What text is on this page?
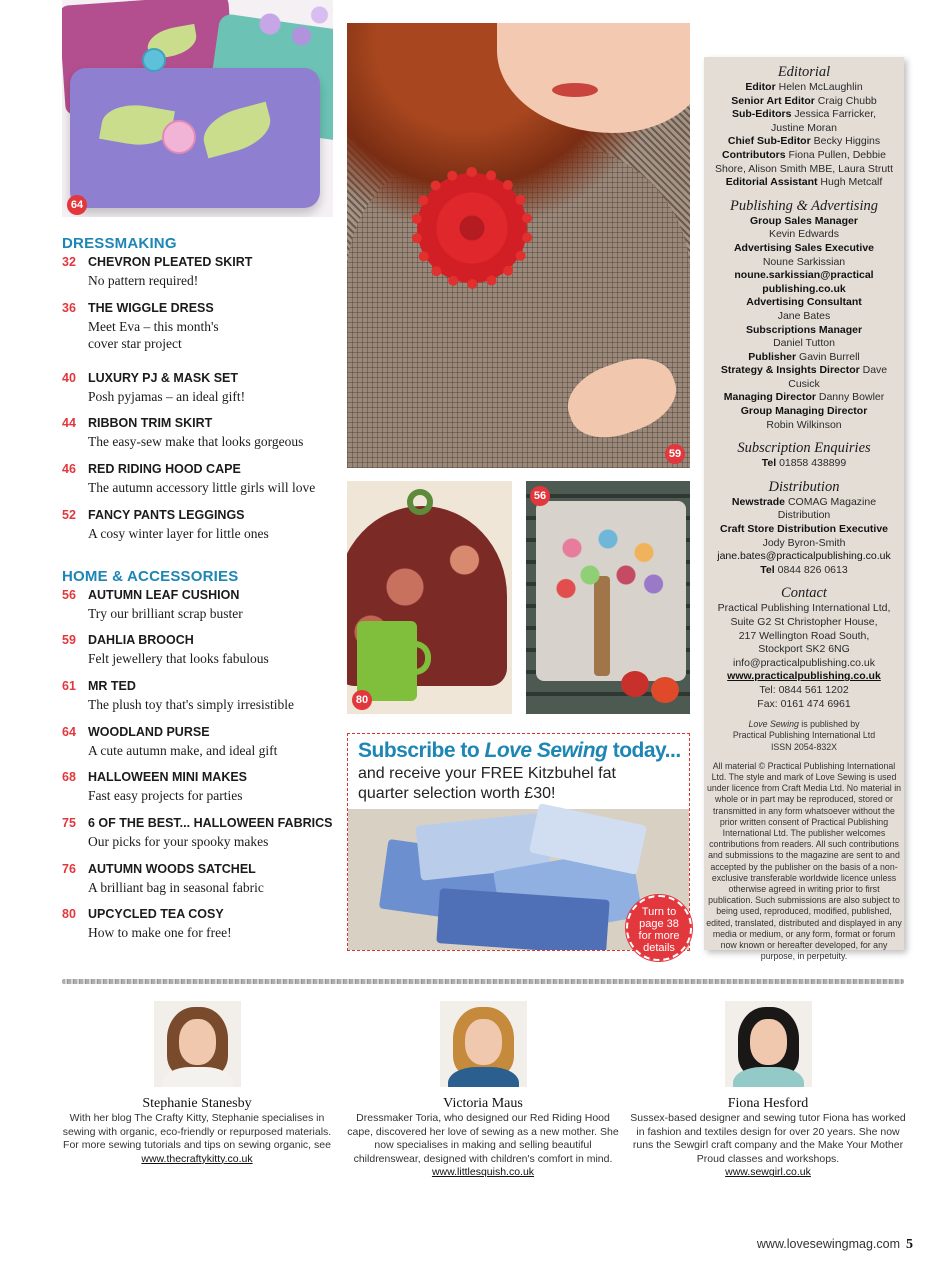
64
59
80
56
DRESSMAKING
32 CHEVRON PLEATED SKIRT
No pattern required!
36 THE WIGGLE DRESS
Meet Eva – this month's cover star project
40 LUXURY PJ & MASK SET
Posh pyjamas – an ideal gift!
44 RIBBON TRIM SKIRT
The easy-sew make that looks gorgeous
46 RED RIDING HOOD CAPE
The autumn accessory little girls will love
52 FANCY PANTS LEGGINGS
A cosy winter layer for little ones
HOME & ACCESSORIES
56 AUTUMN LEAF CUSHION
Try our brilliant scrap buster
59 DAHLIA BROOCH
Felt jewellery that looks fabulous
61 MR TED
The plush toy that's simply irresistible
64 WOODLAND PURSE
A cute autumn make, and ideal gift
68 HALLOWEEN MINI MAKES
Fast easy projects for parties
75 6 OF THE BEST... HALLOWEEN FABRICS
Our picks for your spooky makes
76 AUTUMN WOODS SATCHEL
A brilliant bag in seasonal fabric
80 UPCYCLED TEA COSY
How to make one for free!
Subscribe to Love Sewing today...
and receive your FREE Kitzbuhel fat
quarter selection worth £30!
Turn to
page 38
for more
details
Editorial
Editor Helen McLaughlin
Senior Art Editor Craig Chubb
Sub-Editors Jessica Farricker,
Justine Moran
Chief Sub-Editor Becky Higgins
Contributors Fiona Pullen, Debbie
Shore, Alison Smith MBE, Laura Strutt
Editorial Assistant Hugh Metcalf
Publishing & Advertising
Group Sales Manager
Kevin Edwards
Advertising Sales Executive
Noune Sarkissian
noune.sarkissian@practical
publishing.co.uk
Advertising Consultant
Jane Bates
Subscriptions Manager
Daniel Tutton
Publisher Gavin Burrell
Strategy & Insights Director Dave Cusick
Managing Director Danny Bowler
Group Managing Director
Robin Wilkinson
Subscription Enquiries
Tel 01858 438899
Distribution
Newstrade COMAG Magazine
Distribution
Craft Store Distribution Executive
Jody Byron-Smith
jane.bates@practicalpublishing.co.uk
Tel 0844 826 0613
Contact
Practical Publishing International Ltd,
Suite G2 St Christopher House,
217 Wellington Road South,
Stockport SK2 6NG
info@practicalpublishing.co.uk
www.practicalpublishing.co.uk
Tel: 0844 561 1202
Fax: 0161 474 6961
Love Sewing is published by
Practical Publishing International Ltd
ISSN 2054-832X
All material © Practical Publishing International Ltd. The style and mark of Love Sewing is used under licence from Craft Media Ltd. No material in whole or in part may be reproduced, stored or transmitted in any form whatsoever without the prior written consent of Practical Publishing International Ltd. The publisher welcomes contributions from readers. All such contributions and submissions to the magazine are sent to and accepted by the publisher on the basis of a non-exclusive transferable worldwide licence unless otherwise agreed in writing prior to first publication. Such submissions are also subject to being used, reproduced, modified, published, edited, translated, distributed and displayed in any media or medium, or any form, format or forum now known or hereafter developed, for any purpose, in perpetuity.
Stephanie Stanesby
With her blog The Crafty Kitty, Stephanie specialises in sewing with organic, eco-friendly or repurposed materials. For more sewing tutorials and tips on sewing organic, see
www.thecraftykitty.co.uk
Victoria Maus
Dressmaker Toria, who designed our Red Riding Hood cape, discovered her love of sewing as a new mother. She now specialises in making and selling beautiful childrenswear, designed with children's comfort in mind.
www.littlesquish.co.uk
Fiona Hesford
Sussex-based designer and sewing tutor Fiona has worked in fashion and textiles design for over 20 years. She now runs the Sewgirl craft company and the Make Your Mother Proud classes and workshops.
www.sewgirl.co.uk
www.lovesewingmag.com 5
